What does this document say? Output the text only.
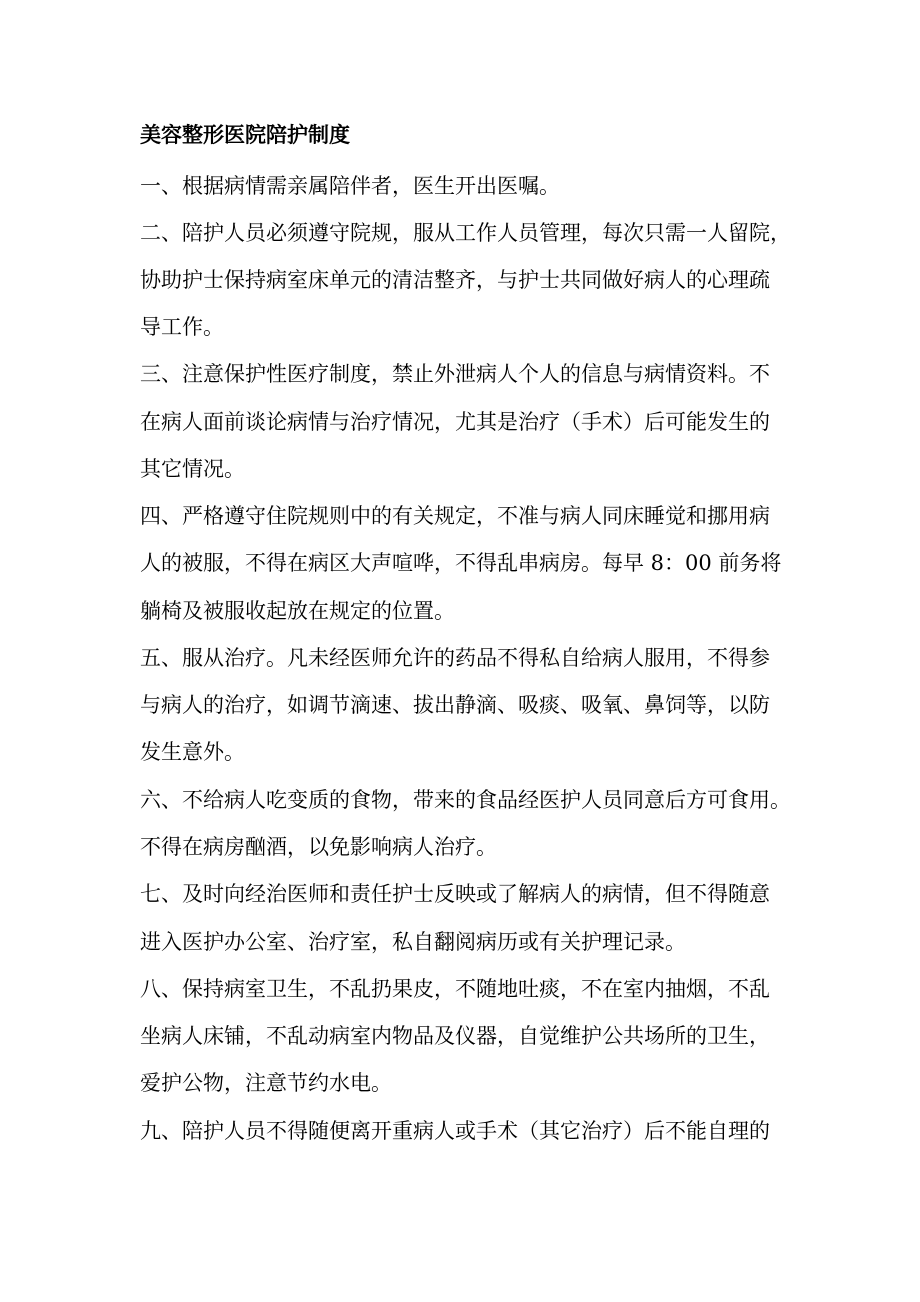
美容整形医院陪护制度
一、根据病情需亲属陪伴者，医生开出医嘱。
二、陪护人员必须遵守院规，服从工作人员管理，每次只需一人留院，
协助护士保持病室床单元的清洁整齐，与护士共同做好病人的心理疏
导工作。
三、注意保护性医疗制度，禁止外泄病人个人的信息与病情资料。不
在病人面前谈论病情与治疗情况，尤其是治疗（手术）后可能发生的
其它情况。
四、严格遵守住院规则中的有关规定，不准与病人同床睡觉和挪用病
人的被服，不得在病区大声喧哗，不得乱串病房。每早 8：00 前务将
躺椅及被服收起放在规定的位置。
五、服从治疗。凡未经医师允许的药品不得私自给病人服用，不得参
与病人的治疗，如调节滴速、拔出静滴、吸痰、吸氧、鼻饲等，以防
发生意外。
六、不给病人吃变质的食物，带来的食品经医护人员同意后方可食用。
不得在病房酗酒，以免影响病人治疗。
七、及时向经治医师和责任护士反映或了解病人的病情，但不得随意
进入医护办公室、治疗室，私自翻阅病历或有关护理记录。
八、保持病室卫生，不乱扔果皮，不随地吐痰，不在室内抽烟，不乱
坐病人床铺，不乱动病室内物品及仪器，自觉维护公共场所的卫生，
爱护公物，注意节约水电。
九、陪护人员不得随便离开重病人或手术（其它治疗）后不能自理的
